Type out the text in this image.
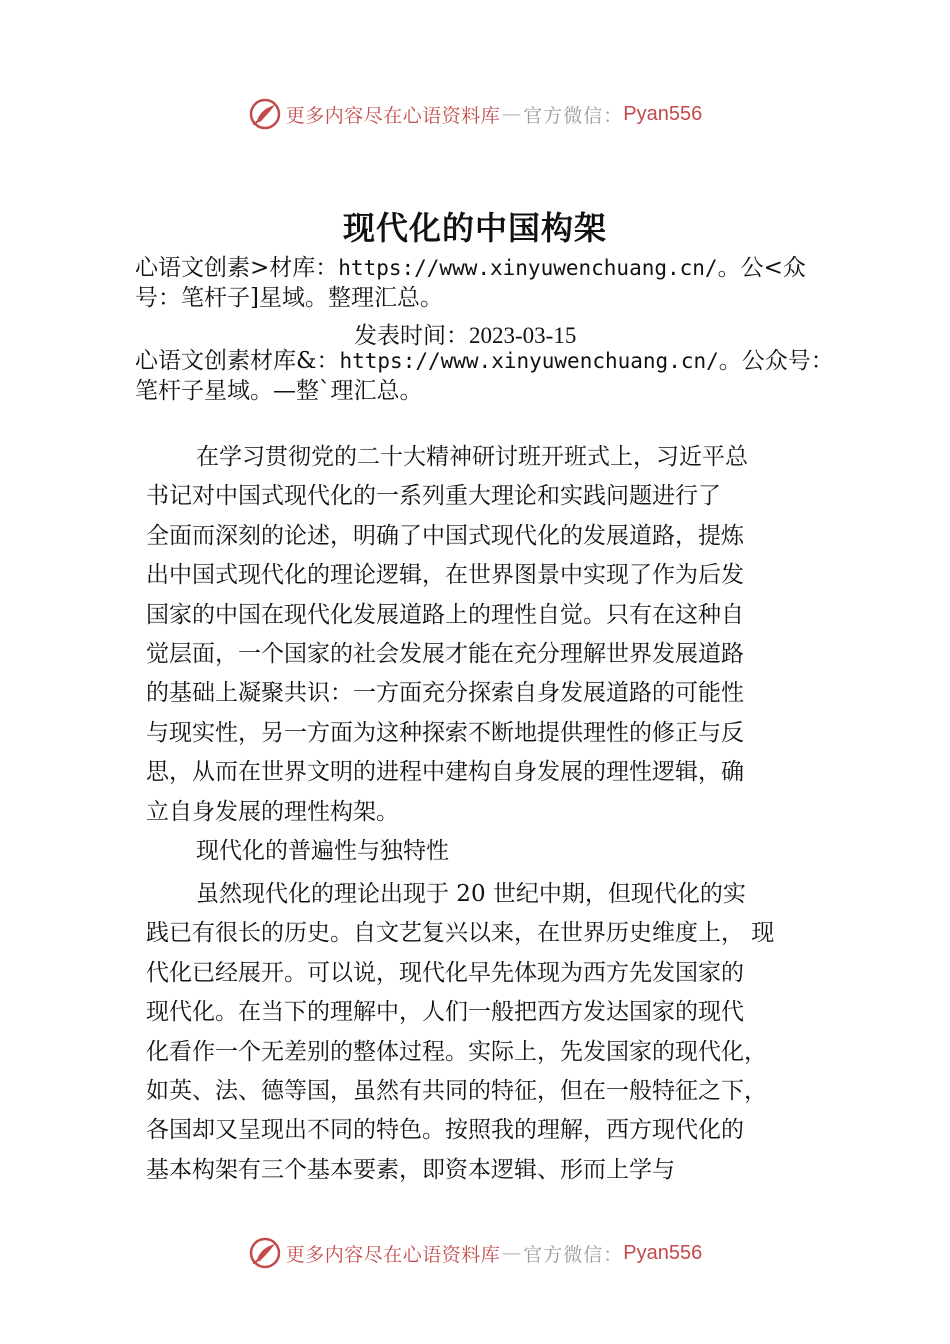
更多内容尽在心语资料库 — 官方微信： Pyan556
现代化的中国构架
心语文创素>材库：https://www.xinyuwenchuang.cn/。公<众
号：笔杆子]星域。整理汇总。
发表时间：2023-03-15
心语文创素材库&：https://www.xinyuwenchuang.cn/。公众号：
笔杆子星域。—整`理汇总。
在学习贯彻党的二十大精神研讨班开班式上，习近平总
书记对中国式现代化的一系列重大理论和实践问题进行了
全面而深刻的论述，明确了中国式现代化的发展道路，提炼
出中国式现代化的理论逻辑，在世界图景中实现了作为后发
国家的中国在现代化发展道路上的理性自觉。只有在这种自
觉层面，一个国家的社会发展才能在充分理解世界发展道路
的基础上凝聚共识：一方面充分探索自身发展道路的可能性
与现实性，另一方面为这种探索不断地提供理性的修正与反
思，从而在世界文明的进程中建构自身发展的理性逻辑，确
立自身发展的理性构架。
现代化的普遍性与独特性
虽然现代化的理论出现于 20 世纪中期，但现代化的实
践已有很长的历史。自文艺复兴以来，在世界历史维度上， 现
代化已经展开。可以说，现代化早先体现为西方先发国家的
现代化。在当下的理解中，人们一般把西方发达国家的现代
化看作一个无差别的整体过程。实际上，先发国家的现代化，
如英、法、德等国，虽然有共同的特征，但在一般特征之下，
各国却又呈现出不同的特色。按照我的理解，西方现代化的
基本构架有三个基本要素，即资本逻辑、形而上学与
更多内容尽在心语资料库 — 官方微信： Pyan556
